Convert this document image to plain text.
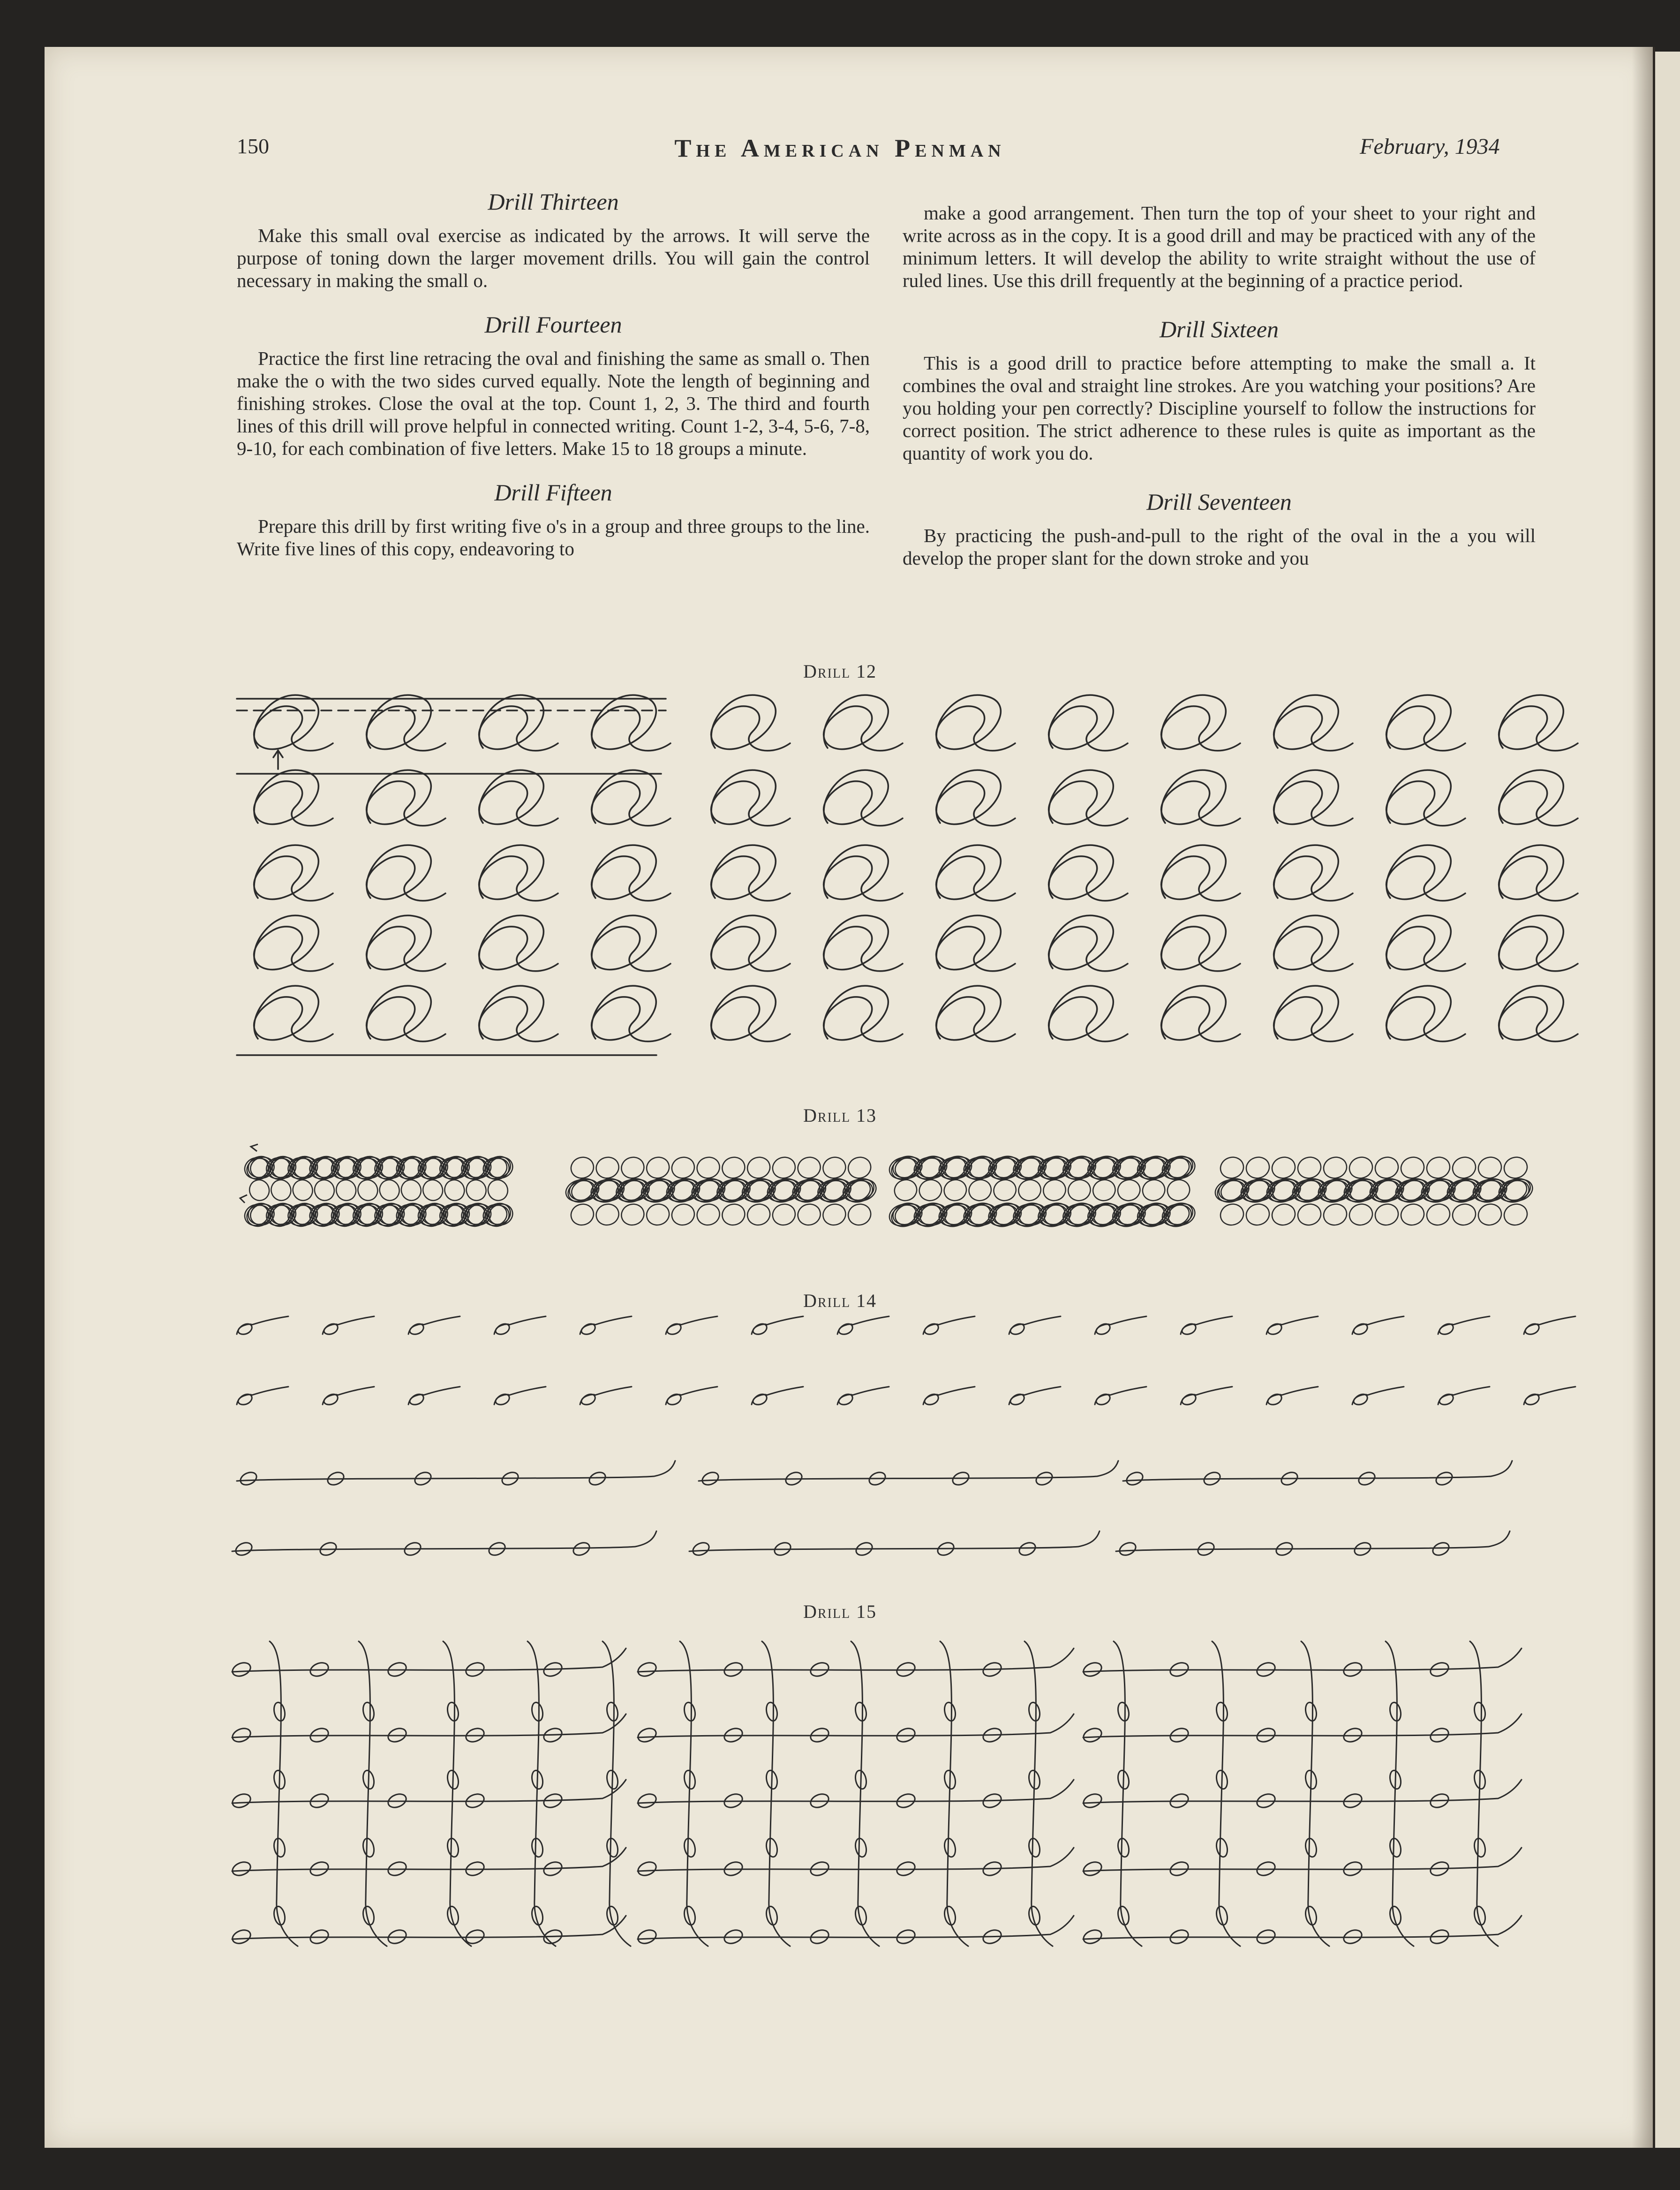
150	The American Penman	February, 1934
Drill Thirteen

Make this small oval exercise as indicated by the arrows. It will serve the purpose of toning down the larger movement drills. You will gain the control necessary in making the small o.

Drill Fourteen

Practice the first line retracing the oval and finishing the same as small o. Then make the o with the two sides curved equally. Note the length of beginning and finishing strokes. Close the oval at the top. Count 1, 2, 3. The third and fourth lines of this drill will prove helpful in connected writing. Count 1-2, 3-4, 5-6, 7-8, 9-10, for each combination of five letters. Make 15 to 18 groups a minute.

Drill Fifteen

Prepare this drill by first writing five o's in a group and three groups to the line. Write five lines of this copy, endeavoring to

make a good arrangement. Then turn the top of your sheet to your right and write across as in the copy. It is a good drill and may be practiced with any of the minimum letters. It will develop the ability to write straight without the use of ruled lines. Use this drill frequently at the beginning of a practice period.

Drill Sixteen

This is a good drill to practice before attempting to make the small a. It combines the oval and straight line strokes. Are you watching your positions? Are you holding your pen correctly? Discipline yourself to follow the instructions for correct position. The strict adherence to these rules is quite as important as the quantity of work you do.

Drill Seventeen

By practicing the push-and-pull to the right of the oval in the a you will develop the proper slant for the down stroke and you

Drill 12
Drill 13
Drill 14
Drill 15
